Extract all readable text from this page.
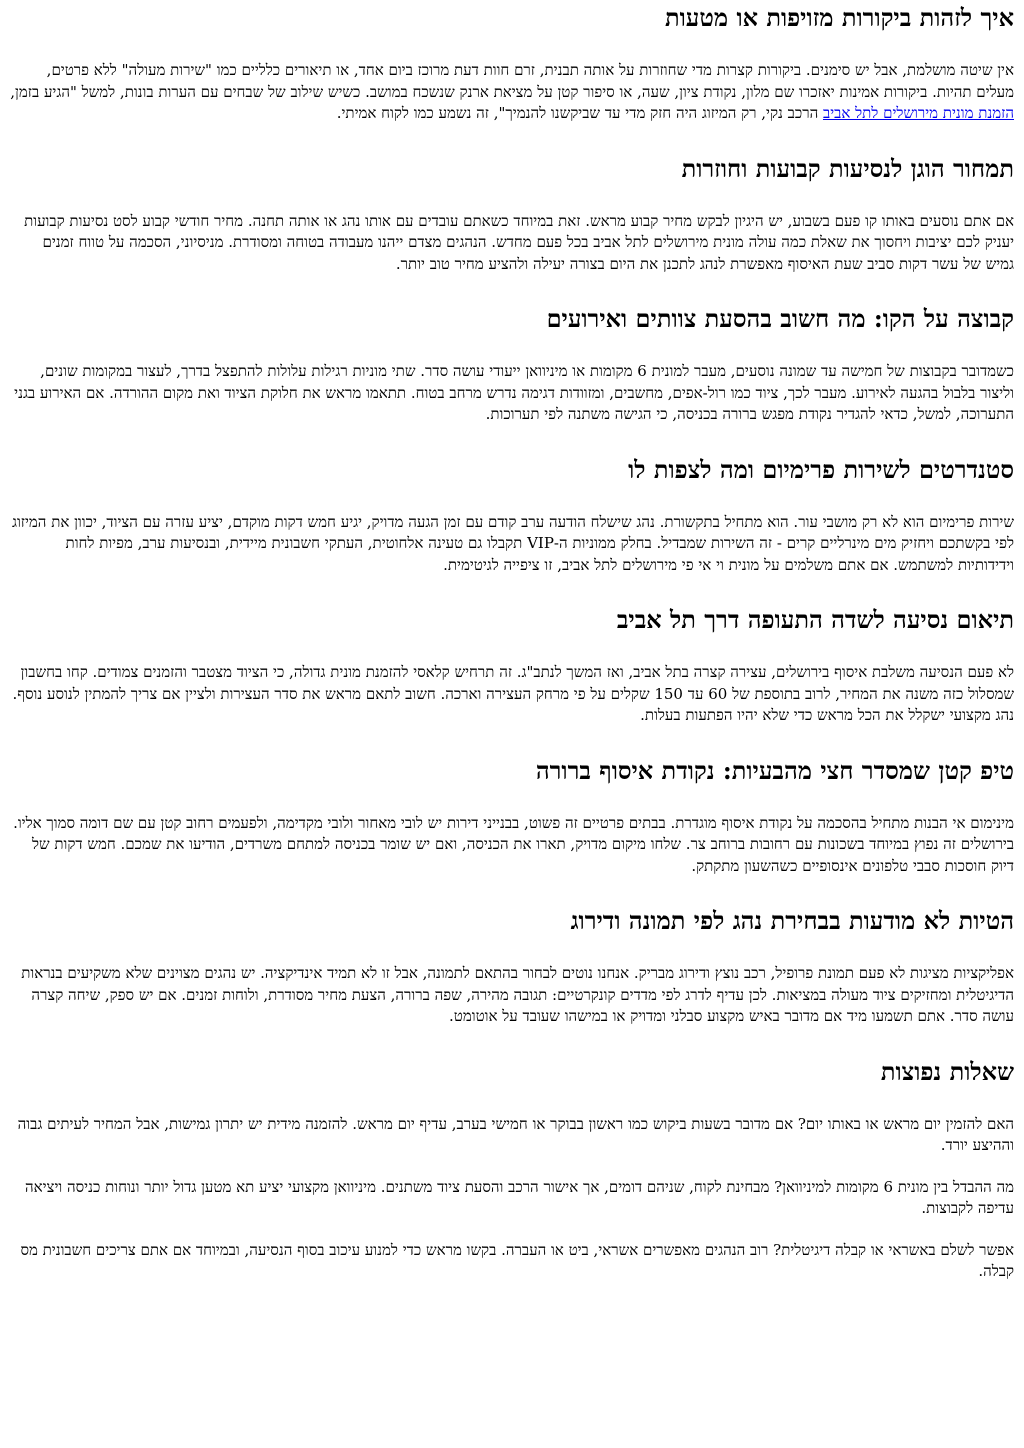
איך לזהות ביקורות מזויפות או מטעות

אין שיטה מושלמת, אבל יש סימנים. ביקורות קצרות מדי שחוזרות על אותה תבנית, זרם חוות דעת מרוכז ביום אחד, או תיאורים כלליים כמו "שירות מעולה" ללא פרטים, מעלים תהיות. ביקורות אמינות יאזכרו שם מלון, נקודת ציון, שעה, או סיפור קטן על מציאת ארנק שנשכח במושב. כשיש שילוב של שבחים עם הערות בונות, למשל "הגיע בזמן, הזמנת מונית מירושלים לתל אביב הרכב נקי, רק המיזוג היה חזק מדי עד שביקשנו להנמיך", זה נשמע כמו לקוח אמיתי.

תמחור הוגן לנסיעות קבועות וחוזרות

אם אתם נוסעים באותו קו פעם בשבוע, יש היגיון לבקש מחיר קבוע מראש. זאת במיוחד כשאתם עובדים עם אותו נהג או אותה תחנה. מחיר חודשי קבוע לסט נסיעות קבועות יעניק לכם יציבות ויחסוך את שאלת כמה עולה מונית מירושלים לתל אביב בכל פעם מחדש. הנהגים מצדם ייהנו מעבודה בטוחה ומסודרת. מניסיוני, הסכמה על טווח זמנים גמיש של עשר דקות סביב שעת האיסוף מאפשרת לנהג לתכנן את היום בצורה יעילה ולהציע מחיר טוב יותר.

קבוצה על הקו: מה חשוב בהסעת צוותים ואירועים

כשמדובר בקבוצות של חמישה עד שמונה נוסעים, מעבר למונית 6 מקומות או מיניוואן ייעודי עושה סדר. שתי מוניות רגילות עלולות להתפצל בדרך, לעצור במקומות שונים, וליצור בלבול בהגעה לאירוע. מעבר לכך, ציוד כמו רול-אפים, מחשבים, ומזוודות דגימה נדרש מרחב בטוח. תתאמו מראש את חלוקת הציוד ואת מקום ההורדה. אם האירוע בגני התערוכה, למשל, כדאי להגדיר נקודת מפגש ברורה בכניסה, כי הגישה משתנה לפי תערוכות.

סטנדרטים לשירות פרימיום ומה לצפות לו

שירות פרימיום הוא לא רק מושבי עור. הוא מתחיל בתקשורת. נהג שישלח הודעה ערב קודם עם זמן הגעה מדויק, יגיע חמש דקות מוקדם, יציע עזרה עם הציוד, יכוון את המיזוג לפי בקשתכם ויחזיק מים מינרליים קרים - זה השירות שמבדיל. בחלק ממוניות ה-VIP תקבלו גם טעינה אלחוטית, העתקי חשבונית מיידית, ובנסיעות ערב, מפיות לחות וידידותיות למשתמש. אם אתם משלמים על מונית וי אי פי מירושלים לתל אביב, זו ציפייה לגיטימית.

תיאום נסיעה לשדה התעופה דרך תל אביב

לא פעם הנסיעה משלבת איסוף בירושלים, עצירה קצרה בתל אביב, ואז המשך לנתב"ג. זה תרחיש קלאסי להזמנת מונית גדולה, כי הציוד מצטבר והזמנים צמודים. קחו בחשבון שמסלול כזה משנה את המחיר, לרוב בתוספת של 60 עד 150 שקלים על פי מרחק העצירה וארכה. חשוב לתאם מראש את סדר העצירות ולציין אם צריך להמתין לנוסע נוסף. נהג מקצועי ישקלל את הכל מראש כדי שלא יהיו הפתעות בעלות.

טיפ קטן שמסדר חצי מהבעיות: נקודת איסוף ברורה

מינימום אי הבנות מתחיל בהסכמה על נקודת איסוף מוגדרת. בבתים פרטיים זה פשוט, בבנייני דירות יש לובי מאחור ולובי מקדימה, ולפעמים רחוב קטן עם שם דומה סמוך אליו. בירושלים זה נפוץ במיוחד בשכונות עם רחובות ברוחב צר. שלחו מיקום מדויק, תארו את הכניסה, ואם יש שומר בכניסה למתחם משרדים, הודיעו את שמכם. חמש דקות של דיוק חוסכות סבבי טלפונים אינסופיים כשהשעון מתקתק.

הטיות לא מודעות בבחירת נהג לפי תמונה ודירוג

אפליקציות מציגות לא פעם תמונת פרופיל, רכב נוצץ ודירוג מבריק. אנחנו נוטים לבחור בהתאם לתמונה, אבל זו לא תמיד אינדיקציה. יש נהגים מצוינים שלא משקיעים בנראות הדיגיטלית ומחזיקים ציוד מעולה במציאות. לכן עדיף לדרג לפי מדדים קונקרטיים: תגובה מהירה, שפה ברורה, הצעת מחיר מסודרת, ולוחות זמנים. אם יש ספק, שיחה קצרה עושה סדר. אתם תשמעו מיד אם מדובר באיש מקצוע סבלני ומדויק או במישהו שעובד על אוטומט.

שאלות נפוצות

האם להזמין יום מראש או באותו יום? אם מדובר בשעות ביקוש כמו ראשון בבוקר או חמישי בערב, עדיף יום מראש. להזמנה מידית יש יתרון גמישות, אבל המחיר לעיתים גבוה וההיצע יורד.

מה ההבדל בין מונית 6 מקומות למיניוואן? מבחינת לקוח, שניהם דומים, אך אישור הרכב והסעת ציוד משתנים. מיניוואן מקצועי יציע תא מטען גדול יותר ונוחות כניסה ויציאה עדיפה לקבוצות.

אפשר לשלם באשראי או קבלה דיגיטלית? רוב הנהגים מאפשרים אשראי, ביט או העברה. בקשו מראש כדי למנוע עיכוב בסוף הנסיעה, ובמיוחד אם אתם צריכים חשבונית מס קבלה.
